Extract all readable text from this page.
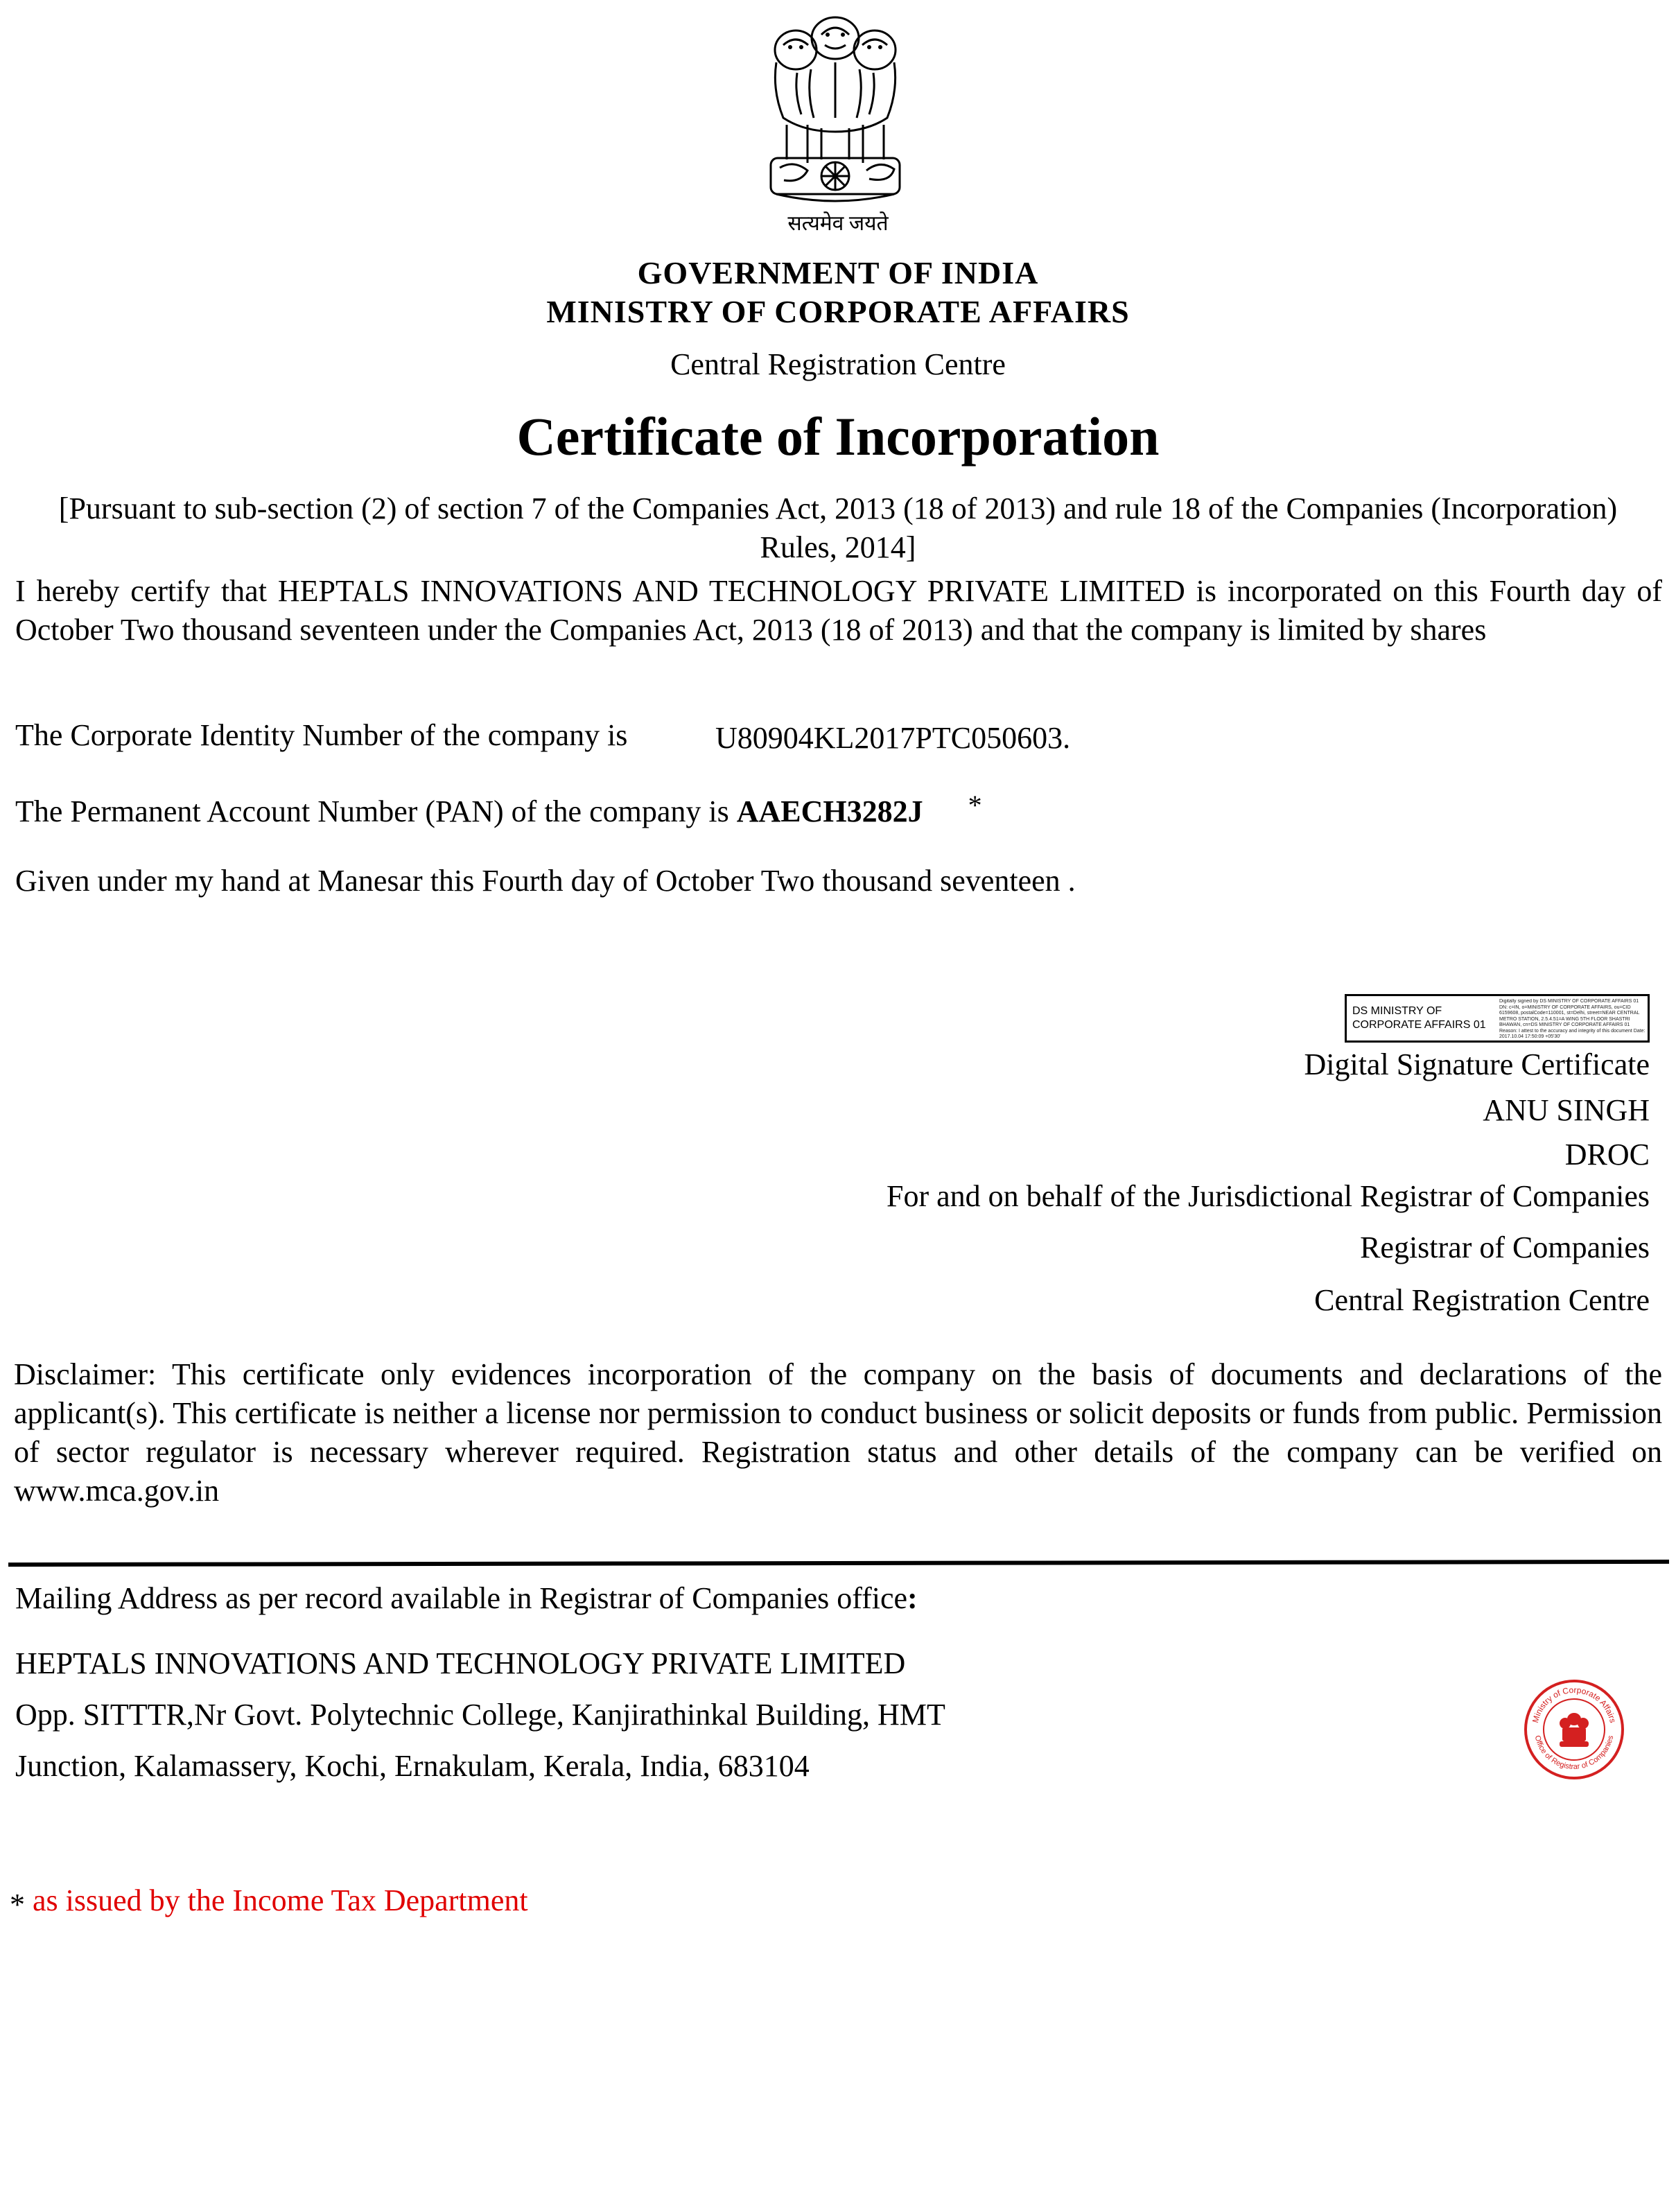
सत्यमेव जयते
GOVERNMENT OF INDIA
MINISTRY OF CORPORATE AFFAIRS
Central Registration Centre
Certificate of Incorporation
[Pursuant to sub-section (2) of section 7 of the Companies Act, 2013 (18 of 2013) and rule 18 of the Companies (Incorporation) Rules, 2014]
I hereby certify that HEPTALS INNOVATIONS AND TECHNOLOGY PRIVATE LIMITED is incorporated on this Fourth day of October Two thousand seventeen under the Companies Act, 2013 (18 of 2013) and that the company is limited by shares
The Corporate Identity Number of the company is	U80904KL2017PTC050603.
The Permanent Account Number (PAN) of the company is AAECH3282J *
Given under my hand at Manesar this Fourth day of October Two thousand seventeen .
DS MINISTRY OF CORPORATE AFFAIRS 01
Digitally signed by DS MINISTRY OF CORPORATE AFFAIRS 01 DN: c=IN, o=MINISTRY OF CORPORATE AFFAIRS, ou=CID 6159608, postalCode=110001, st=Delhi, street=NEAR CENTRAL METRO STATION, 2.5.4.51=A WING 5TH FLOOR SHASTRI BHAWAN, cn=DS MINISTRY OF CORPORATE AFFAIRS 01 Reason: I attest to the accuracy and integrity of this document Date: 2017.10.04 17:50:09 +05'30'
Digital Signature Certificate
ANU SINGH
DROC
For and on behalf of the Jurisdictional Registrar of Companies
Registrar of Companies
Central Registration Centre
Disclaimer: This certificate only evidences incorporation of the company on the basis of documents and declarations of the applicant(s). This certificate is neither a license nor permission to conduct business or solicit deposits or funds from public. Permission of sector regulator is necessary wherever required. Registration status and other details of the company can be verified on www.mca.gov.in
Mailing Address as per record available in Registrar of Companies office:
HEPTALS INNOVATIONS AND TECHNOLOGY PRIVATE LIMITED
Opp. SITTTR,Nr Govt. Polytechnic College, Kanjirathinkal Building, HMT
Junction, Kalamassery, Kochi, Ernakulam, Kerala, India, 683104
Ministry of Corporate Affairs
Office of Registrar of Companies
* as issued by the Income Tax Department
